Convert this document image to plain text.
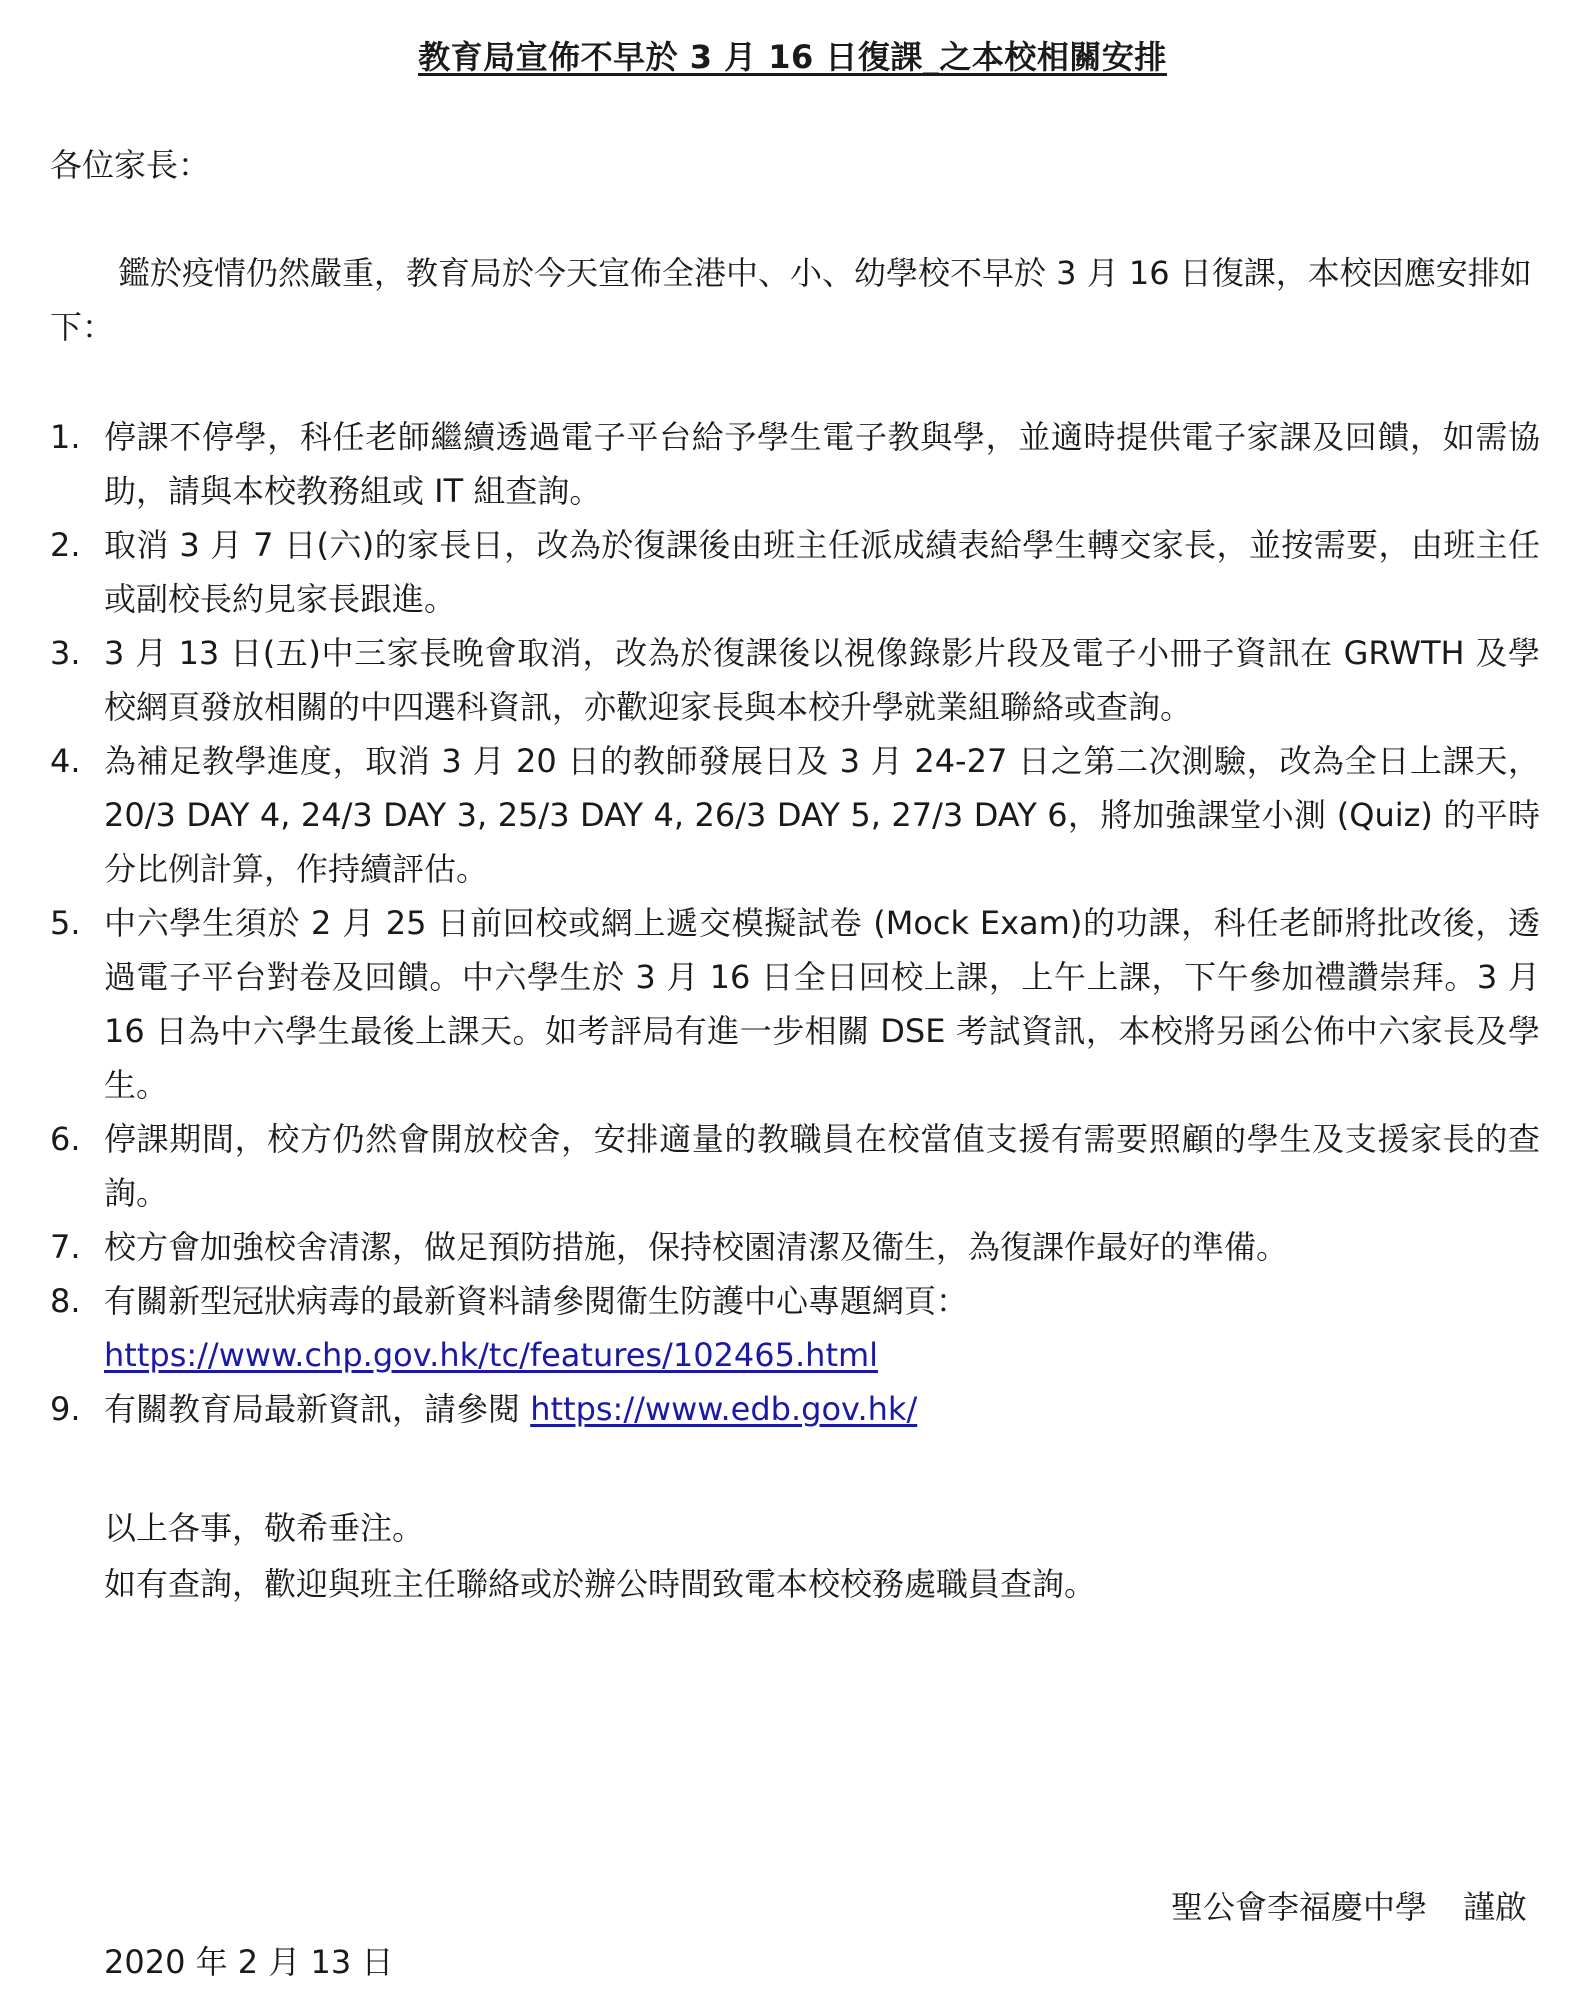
教育局宣佈不早於 3 月 16 日復課_之本校相關安排
各位家長：
鑑於疫情仍然嚴重，教育局於今天宣佈全港中、小、幼學校不早於 3 月 16 日復課，本校因應安排如下：
1. 停課不停學，科任老師繼續透過電子平台給予學生電子教與學，並適時提供電子家課及回饋，如需協助，請與本校教務組或 IT 組查詢。
2. 取消 3 月 7 日(六)的家長日，改為於復課後由班主任派成績表給學生轉交家長，並按需要，由班主任或副校長約見家長跟進。
3. 3 月 13 日(五)中三家長晚會取消，改為於復課後以視像錄影片段及電子小冊子資訊在 GRWTH 及學校網頁發放相關的中四選科資訊，亦歡迎家長與本校升學就業組聯絡或查詢。
4. 為補足教學進度，取消 3 月 20 日的教師發展日及 3 月 24-27 日之第二次測驗，改為全日上課天，20/3 DAY 4, 24/3 DAY 3, 25/3 DAY 4, 26/3 DAY 5, 27/3 DAY 6，將加強課堂小測 (Quiz) 的平時分比例計算，作持續評估。
5. 中六學生須於 2 月 25 日前回校或網上遞交模擬試卷 (Mock Exam)的功課，科任老師將批改後，透過電子平台對卷及回饋。中六學生於 3 月 16 日全日回校上課，上午上課，下午參加禮讚崇拜。3 月 16 日為中六學生最後上課天。如考評局有進一步相關 DSE 考試資訊，本校將另函公佈中六家長及學生。
6. 停課期間，校方仍然會開放校舍，安排適量的教職員在校當值支援有需要照顧的學生及支援家長的查詢。
7. 校方會加強校舍清潔，做足預防措施，保持校園清潔及衞生，為復課作最好的準備。
8. 有關新型冠狀病毒的最新資料請參閱衞生防護中心專題網頁：
https://www.chp.gov.hk/tc/features/102465.html
9. 有關教育局最新資訊，請參閱 https://www.edb.gov.hk/
以上各事，敬希垂注。
如有查詢，歡迎與班主任聯絡或於辦公時間致電本校校務處職員查詢。
聖公會李福慶中學 謹啟
2020 年 2 月 13 日
